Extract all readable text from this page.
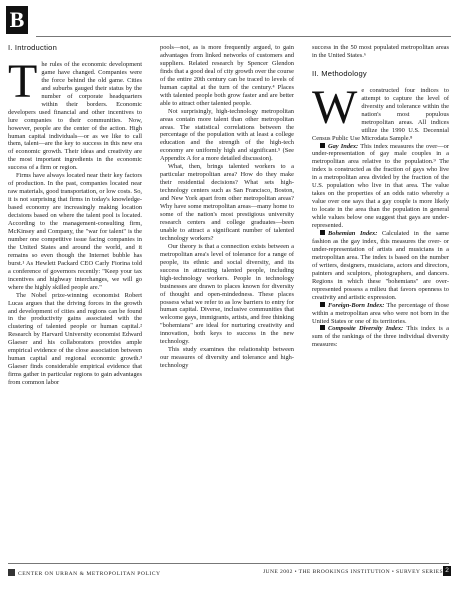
B
I. Introduction

The rules of the economic development game have changed. Companies were the force behind the old game. Cities and suburbs gauged their status by the number of corporate headquarters within their borders. Economic developers used financial and other incentives to lure companies to their communities. Now, however, people are the center of the action. High human capital individuals—or as we like to call them, talent—are the key to success in this new era of economic growth. Their ideas and creativity are the most important ingredients in the economic success of a firm or region.

Firms have always located near their key factors of production. In the past, companies located near raw materials, good transportation, or low costs. So, it is not surprising that firms in today's knowledge-based economy are increasingly making location decisions based on where the talent pool is located. According to the management-consulting firm, McKinsey and Company, the "war for talent" is the number one competitive issue facing companies in the United States and around the world, and it remains so even though the Internet bubble has burst.¹ As Hewlett Packard CEO Carly Fiorina told a conference of governors recently: "Keep your tax incentives and highway interchanges, we will go where the highly skilled people are."

The Nobel prize-winning economist Robert Lucas argues that the driving forces in the growth and development of cities and regions can be found in the productivity gains associated with the clustering of talented people or human capital.² Research by Harvard University economist Edward Glaeser and his collaborators provides ample empirical evidence of the close association between human capital and regional economic growth.³ Glaeser finds considerable empirical evidence that firms gather in particular regions to gain advantages from common labor

pools—not, as is more frequently argued, to gain advantages from linked networks of customers and suppliers. Related research by Spencer Glendon finds that a good deal of city growth over the course of the entire 20th century can be traced to levels of human capital at the turn of the century.⁴ Places with talented people both grow faster and are better able to attract other talented people.

Not surprisingly, high-technology metropolitan areas contain more talent than other metropolitan areas. The statistical correlations between the percentage of the population with at least a college education and the strength of the high-tech economy are uniformly high and significant.⁵ (See Appendix A for a more detailed discussion).

What, then, brings talented workers to a particular metropolitan area? How do they make their residential decisions? What sets high-technology centers such as San Francisco, Boston, and New York apart from other metropolitan areas? Why have some metropolitan areas—many home to some of the nation's most prestigious university research centers and college graduates—been unable to attract a significant number of talented technology workers?

Our theory is that a connection exists between a metropolitan area's level of tolerance for a range of people, its ethnic and social diversity, and its success in attracting talented people, including high-technology workers. People in technology businesses are drawn to places known for diversity of thought and open-mindedness. These places possess what we refer to as low barriers to entry for human capital. Diverse, inclusive communities that welcome gays, immigrants, artists, and free thinking "bohemians" are ideal for nurturing creativity and innovation, both keys to success in the new technology.

This study examines the relationship between our measures of diversity and tolerance and high-technology

success in the 50 most populated metropolitan areas in the United States.⁶

II. Methodology

We constructed four indices to attempt to capture the level of diversity and tolerance within the nation's most populous metropolitan areas. All indices utilize the 1990 U.S. Decennial Census Public Use Microdata Sample.⁸

Gay Index: This index measures the over—or under-representation of gay male couples in a metropolitan area relative to the population.⁹ The index is constructed as the fraction of gays who live in a metropolitan area divided by the fraction of the U.S. population who live in that area. The value takes on the properties of an odds ratio whereby a value over one says that a gay couple is more likely to locate in the area than the population in general while values below one suggest that gays are under-represented.

Bohemian Index: Calculated in the same fashion as the gay index, this measures the over- or under-representation of artists and musicians in a metropolitan area. The index is based on the number of writers, designers, musicians, actors and directors, painters and sculptors, photographers, and dancers. Regions in which these "bohemians" are over-represented possess a milieu that favors openness to creativity and artistic expression.

Foreign-Born Index: The percentage of those within a metropolitan area who were not born in the United States or one of its territories.

Composite Diversity Index: This index is a sum of the rankings of the three individual diversity measures:

CENTER ON URBAN & METROPOLITAN POLICY	JUNE 2002 • THE BROOKINGS INSTITUTION • SURVEY SERIES 2
